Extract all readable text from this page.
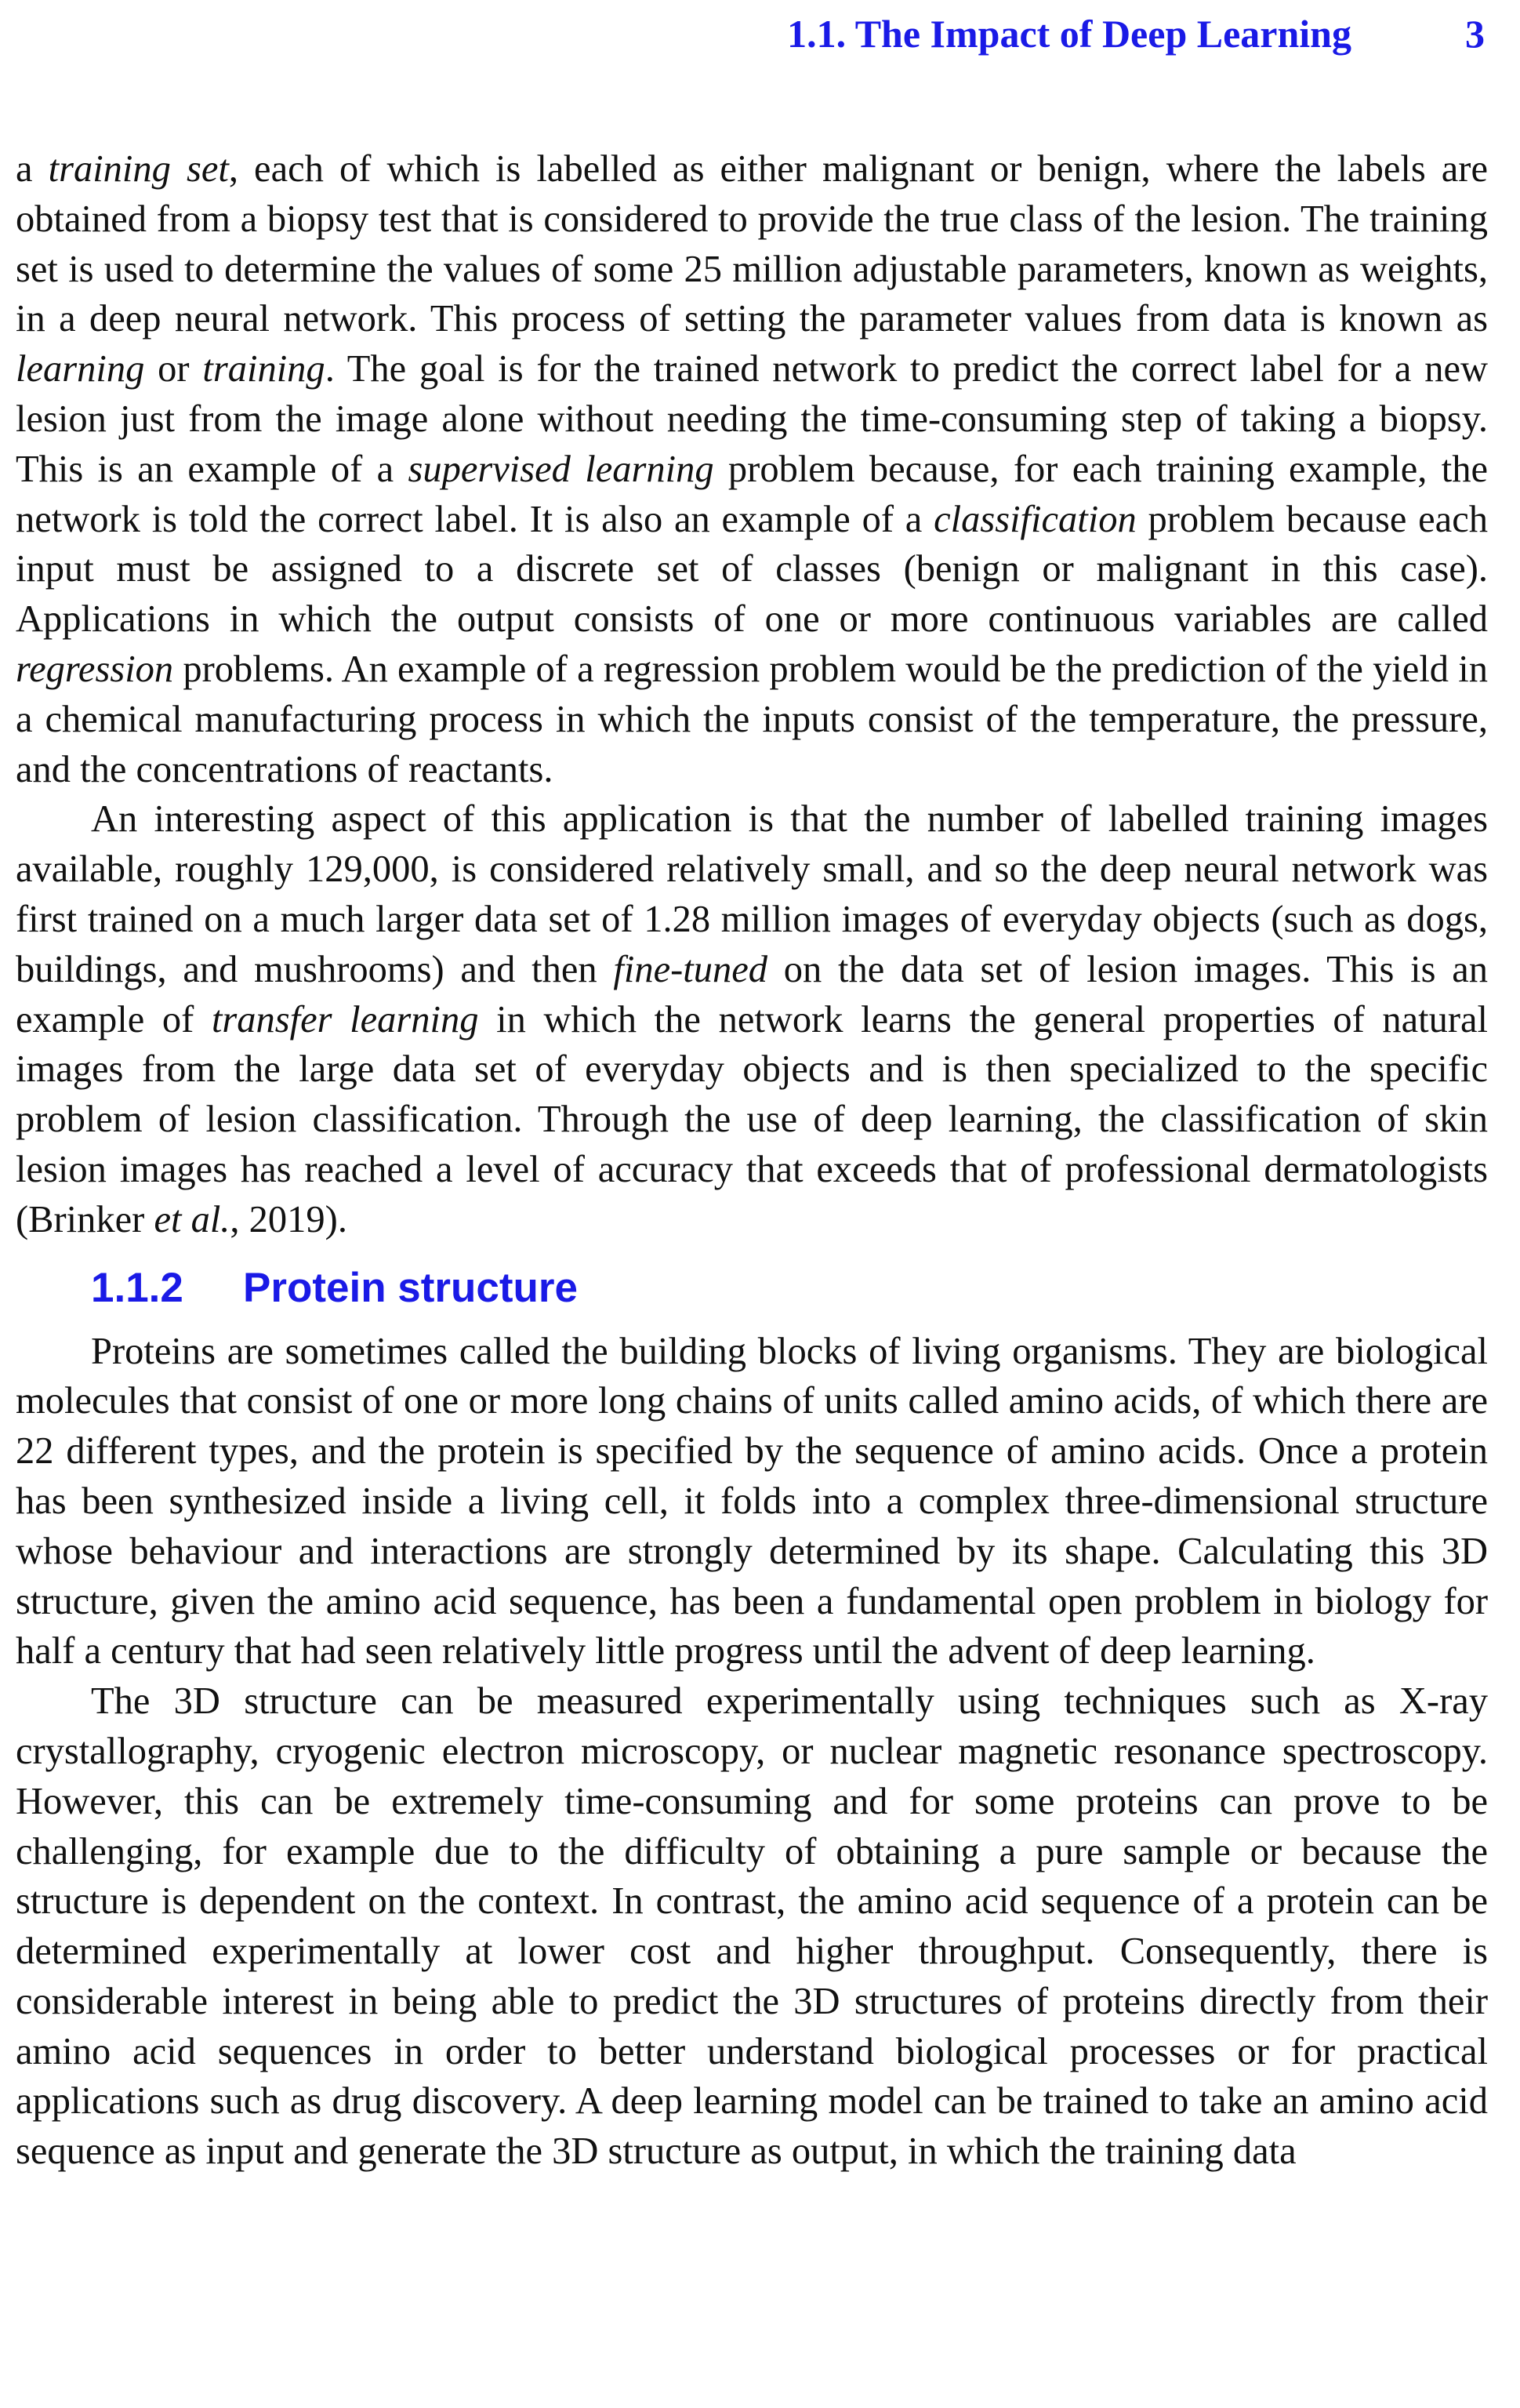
1.1. The Impact of Deep Learning	3

a training set, each of which is labelled as either malignant or benign, where the labels are obtained from a biopsy test that is considered to provide the true class of the lesion. The training set is used to determine the values of some 25 million adjustable parameters, known as weights, in a deep neural network. This process of setting the parameter values from data is known as learning or training. The goal is for the trained network to predict the correct label for a new lesion just from the image alone without needing the time-consuming step of taking a biopsy. This is an example of a supervised learning problem because, for each training example, the network is told the correct label. It is also an example of a classification problem because each input must be assigned to a discrete set of classes (benign or malignant in this case). Applications in which the output consists of one or more continuous variables are called regression problems. An example of a regression problem would be the prediction of the yield in a chemical manufacturing process in which the inputs consist of the temperature, the pressure, and the concentrations of reactants.

An interesting aspect of this application is that the number of labelled training images available, roughly 129,000, is considered relatively small, and so the deep neural network was first trained on a much larger data set of 1.28 million images of everyday objects (such as dogs, buildings, and mushrooms) and then fine-tuned on the data set of lesion images. This is an example of transfer learning in which the network learns the general properties of natural images from the large data set of everyday objects and is then specialized to the specific problem of lesion classification. Through the use of deep learning, the classification of skin lesion images has reached a level of accuracy that exceeds that of professional dermatologists (Brinker et al., 2019).

1.1.2 Protein structure

Proteins are sometimes called the building blocks of living organisms. They are biological molecules that consist of one or more long chains of units called amino acids, of which there are 22 different types, and the protein is specified by the sequence of amino acids. Once a protein has been synthesized inside a living cell, it folds into a complex three-dimensional structure whose behaviour and interactions are strongly determined by its shape. Calculating this 3D structure, given the amino acid sequence, has been a fundamental open problem in biology for half a century that had seen relatively little progress until the advent of deep learning.

The 3D structure can be measured experimentally using techniques such as X-ray crystallography, cryogenic electron microscopy, or nuclear magnetic resonance spectroscopy. However, this can be extremely time-consuming and for some proteins can prove to be challenging, for example due to the difficulty of obtaining a pure sample or because the structure is dependent on the context. In contrast, the amino acid sequence of a protein can be determined experimentally at lower cost and higher throughput. Consequently, there is considerable interest in being able to predict the 3D structures of proteins directly from their amino acid sequences in order to better understand biological processes or for practical applications such as drug discovery. A deep learning model can be trained to take an amino acid sequence as input and generate the 3D structure as output, in which the training data
